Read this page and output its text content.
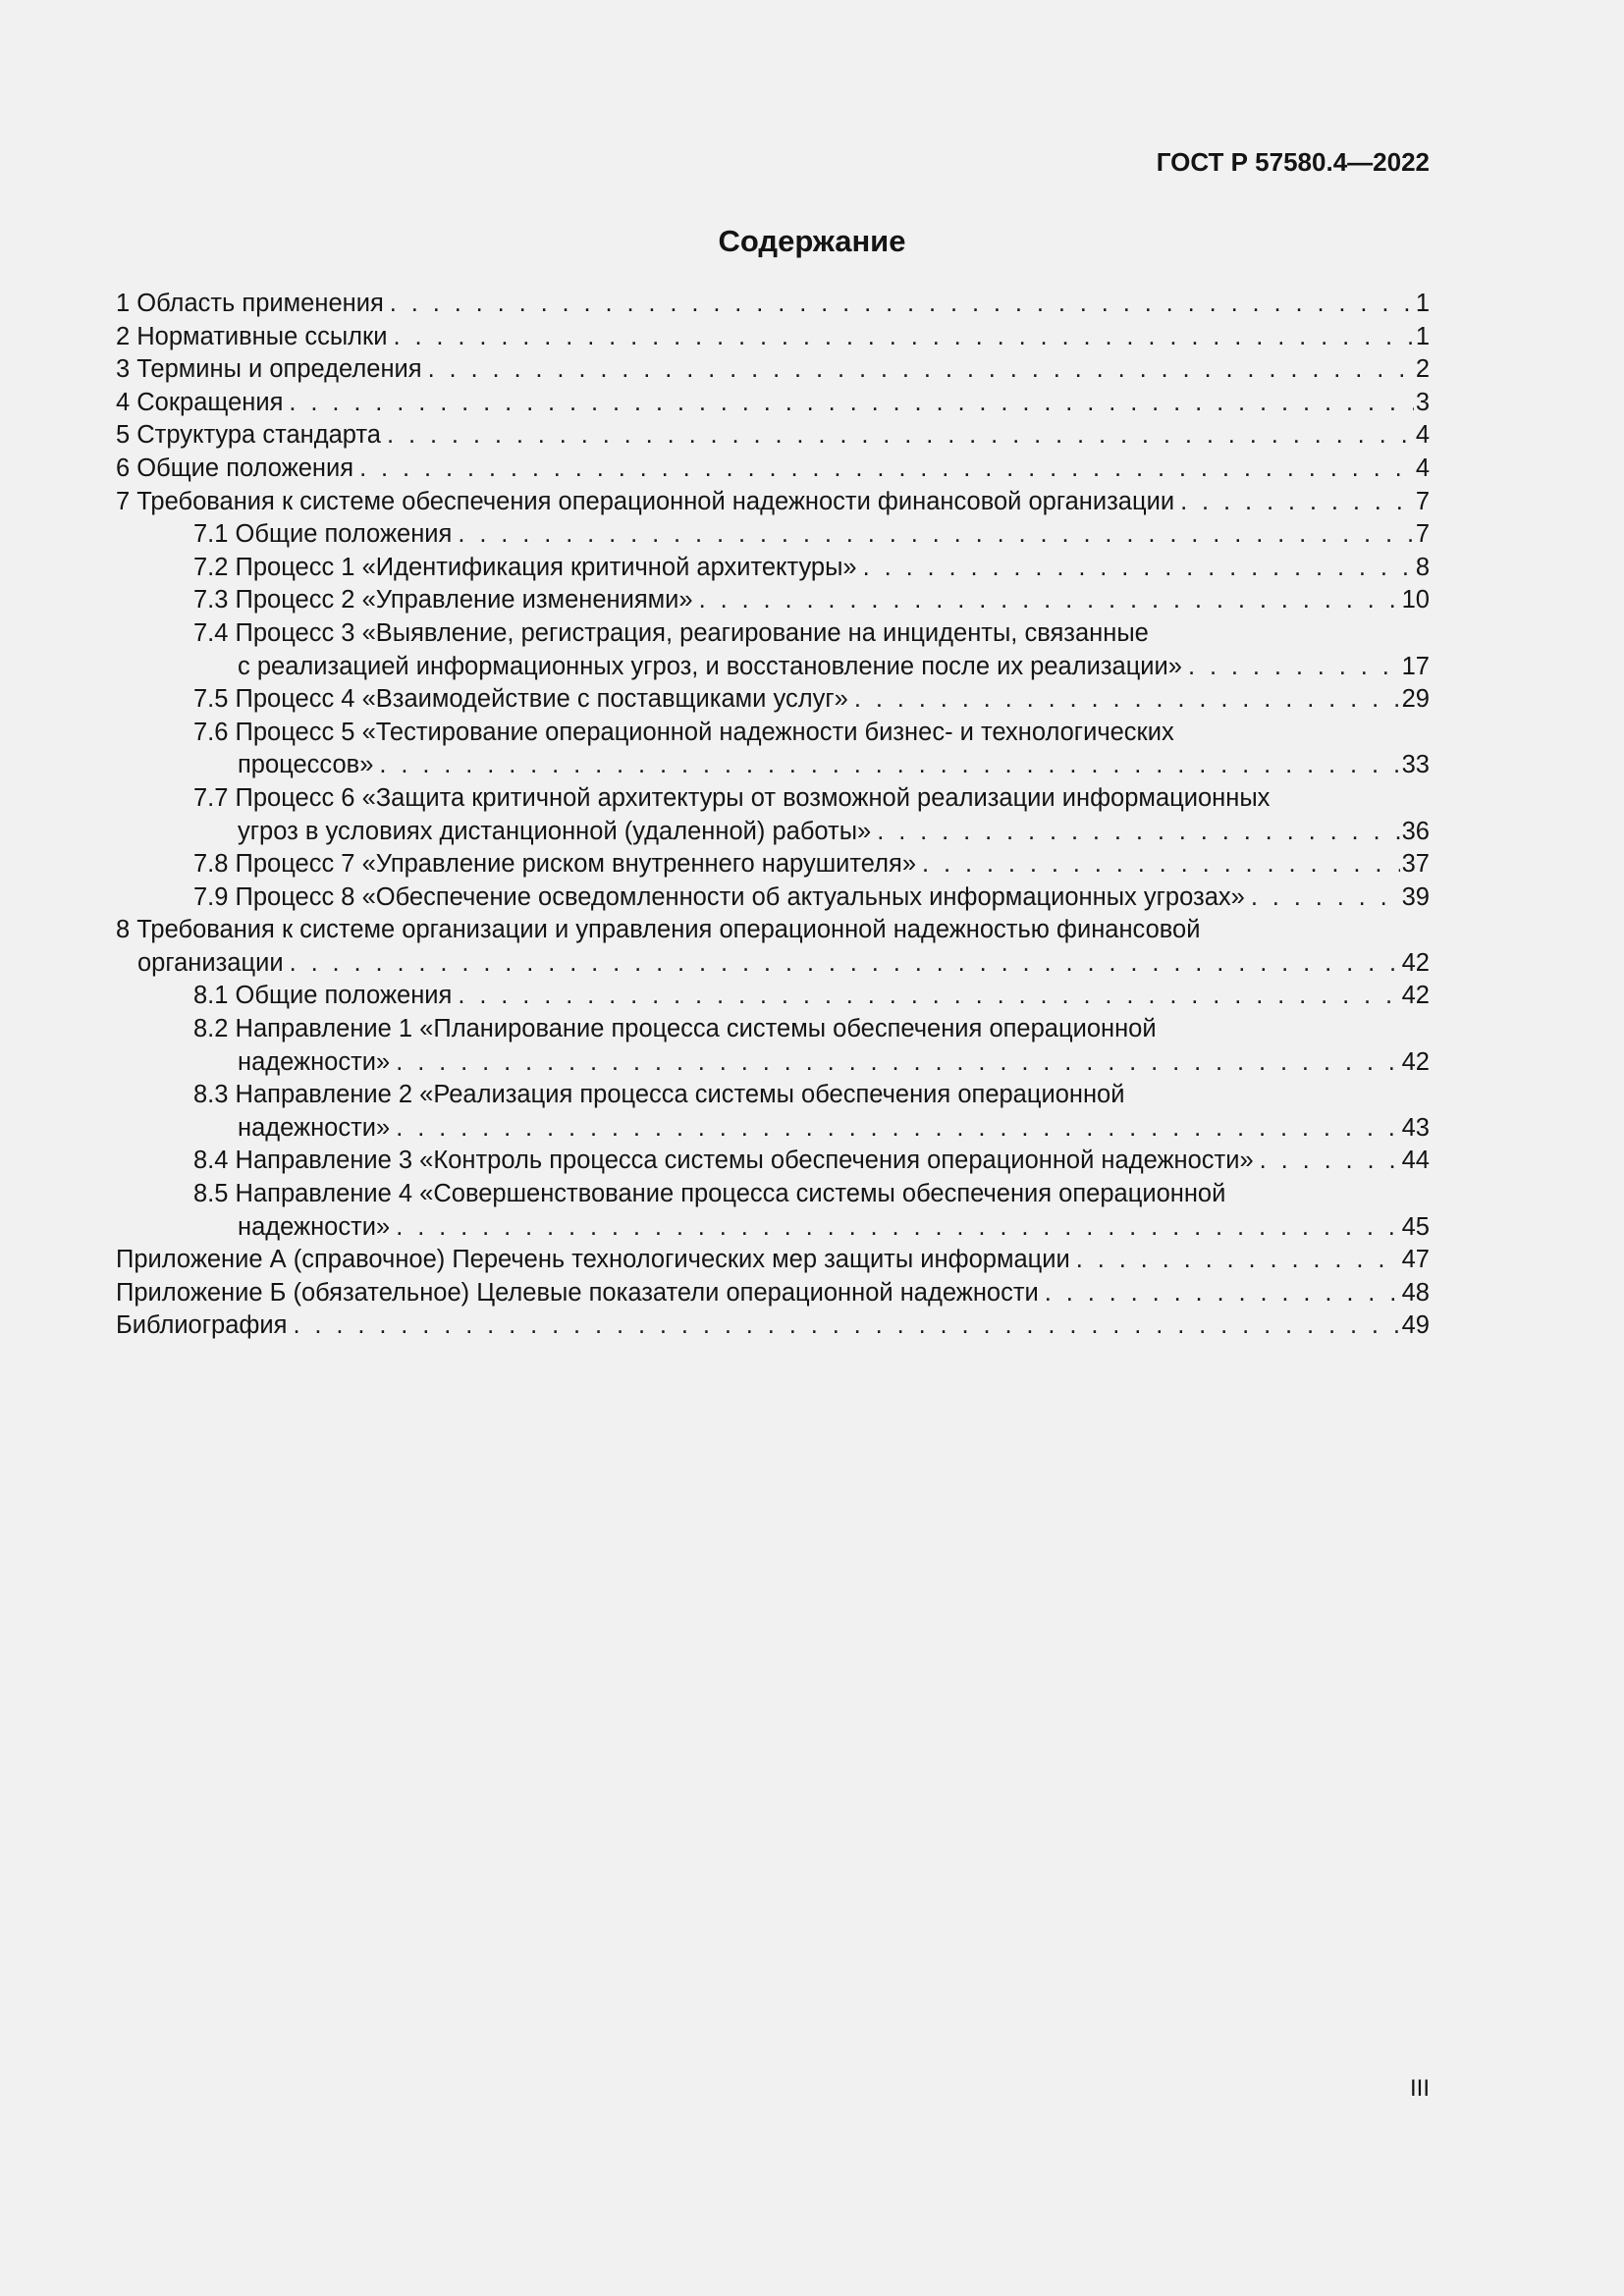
ГОСТ Р 57580.4—2022

Содержание
1 Область применения . . .	1
2 Нормативные ссылки . . .	1
3 Термины и определения . . .	2
4 Сокращения . . .	3
5 Структура стандарта . . .	4
6 Общие положения . . .	4
7 Требования к системе обеспечения операционной надежности финансовой организации . . .	7
7.1 Общие положения . . .	7
7.2 Процесс 1 «Идентификация критичной архитектуры» . . .	8
7.3 Процесс 2 «Управление изменениями» . . .	10
7.4 Процесс 3 «Выявление, регистрация, реагирование на инциденты, связанные
с реализацией информационных угроз, и восстановление после их реализации» . . .	17
7.5 Процесс 4 «Взаимодействие с поставщиками услуг» . . .	29
7.6 Процесс 5 «Тестирование операционной надежности бизнес- и технологических
процессов» . . .	33
7.7 Процесс 6 «Защита критичной архитектуры от возможной реализации информационных
угроз в условиях дистанционной (удаленной) работы» . . .	36
7.8 Процесс 7 «Управление риском внутреннего нарушителя» . . .	37
7.9 Процесс 8 «Обеспечение осведомленности об актуальных информационных угрозах» . . .	39
8 Требования к системе организации и управления операционной надежностью финансовой
организации . . .	42
8.1 Общие положения . . .	42
8.2 Направление 1 «Планирование процесса системы обеспечения операционной
надежности» . . .	42
8.3 Направление 2 «Реализация процесса системы обеспечения операционной
надежности» . . .	43
8.4 Направление 3 «Контроль процесса системы обеспечения операционной надежности» . . .	44
8.5 Направление 4 «Совершенствование процесса системы обеспечения операционной
надежности» . . .	45
Приложение А (справочное) Перечень технологических мер защиты информации . . .	47
Приложение Б (обязательное) Целевые показатели операционной надежности . . .	48
Библиография . . .	49

III
